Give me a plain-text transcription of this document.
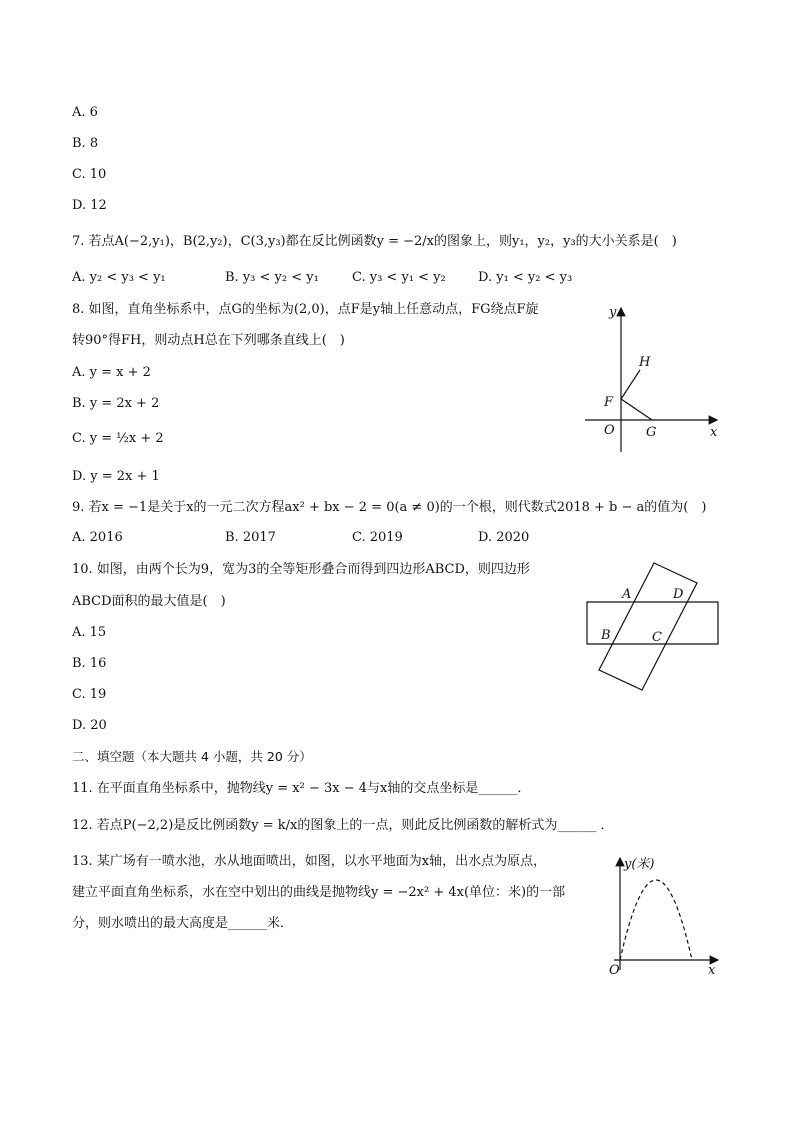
A. 6
B. 8
C. 10
D. 12
7. 若点A(−2,y₁)，B(2,y₂)，C(3,y₃)都在反比例函数y = −2/x的图象上，则y₁，y₂，y₃的大小关系是(　)
A. y₂ < y₃ < y₁	B. y₃ < y₂ < y₁	C. y₃ < y₁ < y₂	D. y₁ < y₂ < y₃
8. 如图，直角坐标系中，点G的坐标为(2,0)，点F是y轴上任意动点，FG绕点F旋
转90°得FH，则动点H总在下列哪条直线上(　)
A. y = x + 2
B. y = 2x + 2
C. y = ½x + 2
D. y = 2x + 1
y
x
O
F
G
H
9. 若x = −1是关于x的一元二次方程ax² + bx − 2 = 0(a ≠ 0)的一个根，则代数式2018 + b − a的值为(　)
A. 2016	B. 2017	C. 2019	D. 2020
10. 如图，由两个长为9，宽为3的全等矩形叠合而得到四边形ABCD，则四边形
ABCD面积的最大值是(　)
A. 15
B. 16
C. 19
D. 20
A	D
B	C
二、填空题（本大题共 4 小题，共 20 分）
11. 在平面直角坐标系中，抛物线y = x² − 3x − 4与x轴的交点坐标是______．
12. 若点P(−2,2)是反比例函数y = k/x的图象上的一点，则此反比例函数的解析式为______ ．
13. 某广场有一喷水池，水从地面喷出，如图，以水平地面为x轴，出水点为原点，
建立平面直角坐标系，水在空中划出的曲线是抛物线y = −2x² + 4x(单位：米)的一部
分，则水喷出的最大高度是______米．
y(米)
x
O
